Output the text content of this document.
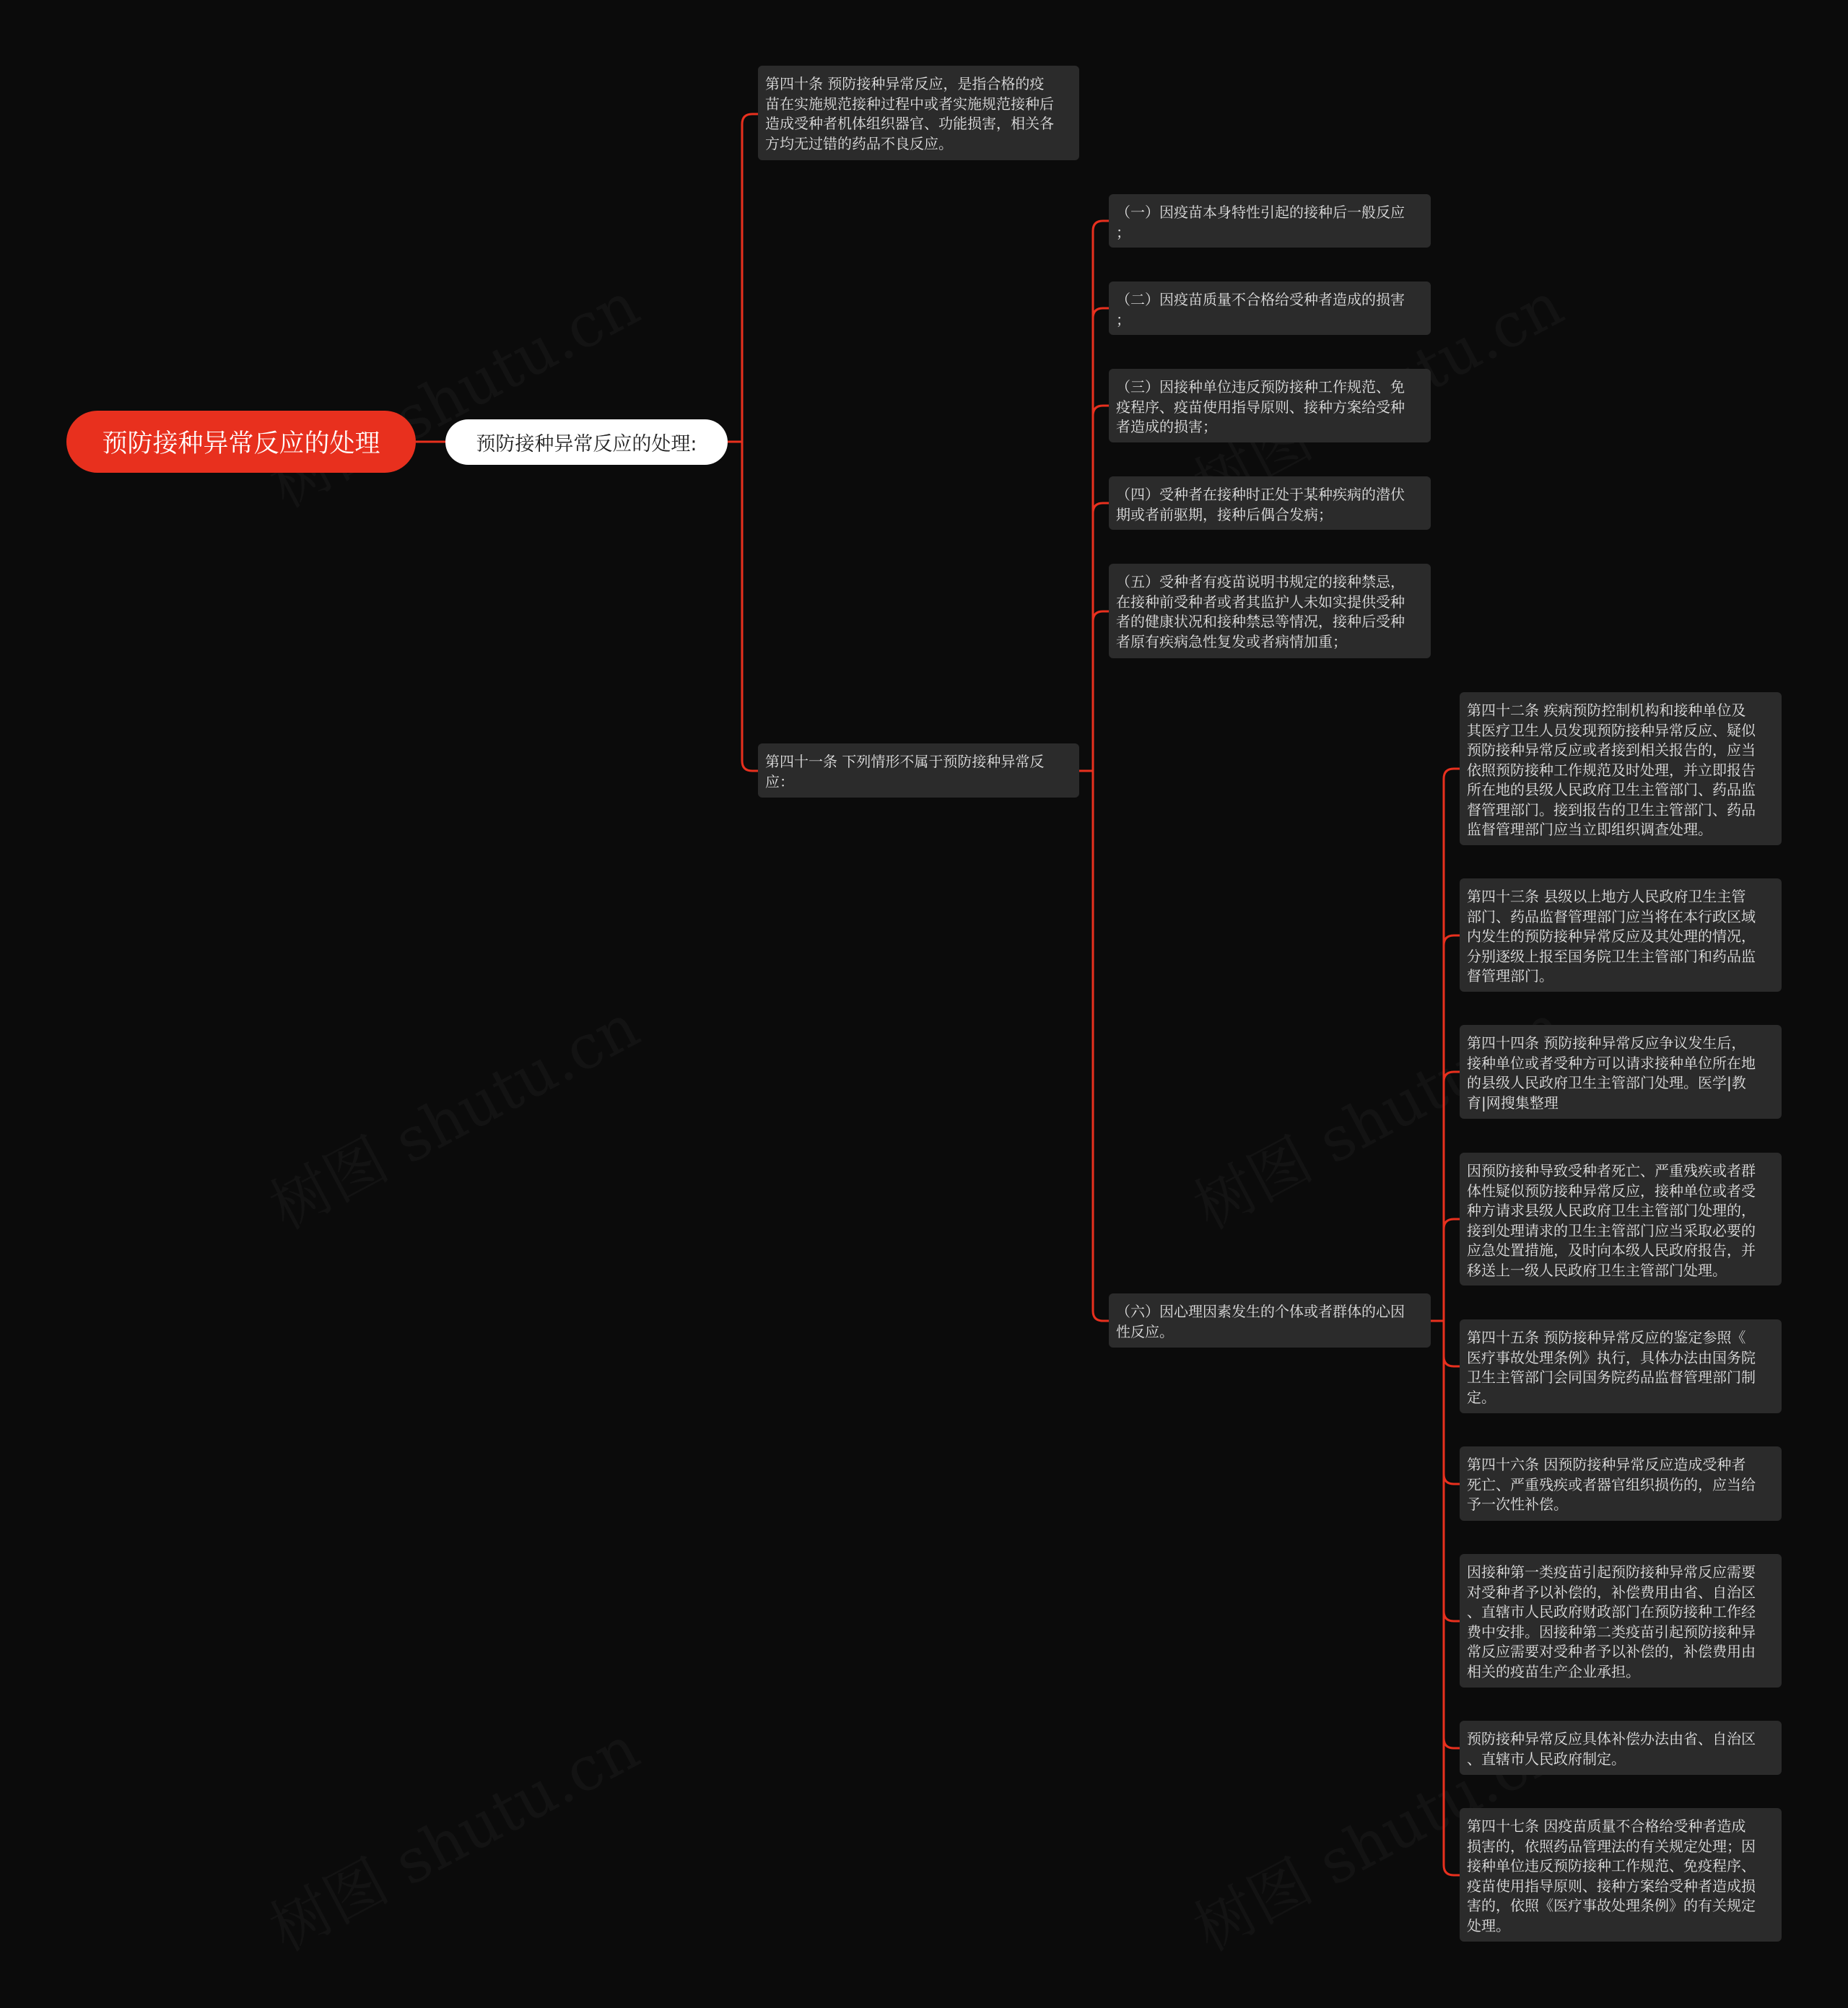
预防接种异常反应的处理	预防接种异常反应的处理:
第四十条 预防接种异常反应，是指合格的疫
苗在实施规范接种过程中或者实施规范接种后
造成受种者机体组织器官、功能损害，相关各
方均无过错的药品不良反应。
第四十一条 下列情形不属于预防接种异常反
应：
（一）因疫苗本身特性引起的接种后一般反应
；
（二）因疫苗质量不合格给受种者造成的损害
；
（三）因接种单位违反预防接种工作规范、免
疫程序、疫苗使用指导原则、接种方案给受种
者造成的损害；
（四）受种者在接种时正处于某种疾病的潜伏
期或者前驱期，接种后偶合发病；
（五）受种者有疫苗说明书规定的接种禁忌，
在接种前受种者或者其监护人未如实提供受种
者的健康状况和接种禁忌等情况，接种后受种
者原有疾病急性复发或者病情加重；
（六）因心理因素发生的个体或者群体的心因
性反应。
第四十二条 疾病预防控制机构和接种单位及
其医疗卫生人员发现预防接种异常反应、疑似
预防接种异常反应或者接到相关报告的，应当
依照预防接种工作规范及时处理，并立即报告
所在地的县级人民政府卫生主管部门、药品监
督管理部门。接到报告的卫生主管部门、药品
监督管理部门应当立即组织调查处理。
第四十三条 县级以上地方人民政府卫生主管
部门、药品监督管理部门应当将在本行政区域
内发生的预防接种异常反应及其处理的情况，
分别逐级上报至国务院卫生主管部门和药品监
督管理部门。
第四十四条 预防接种异常反应争议发生后，
接种单位或者受种方可以请求接种单位所在地
的县级人民政府卫生主管部门处理。医学|教
育|网搜集整理
因预防接种导致受种者死亡、严重残疾或者群
体性疑似预防接种异常反应，接种单位或者受
种方请求县级人民政府卫生主管部门处理的，
接到处理请求的卫生主管部门应当采取必要的
应急处置措施，及时向本级人民政府报告，并
移送上一级人民政府卫生主管部门处理。
第四十五条 预防接种异常反应的鉴定参照《
医疗事故处理条例》执行，具体办法由国务院
卫生主管部门会同国务院药品监督管理部门制
定。
第四十六条 因预防接种异常反应造成受种者
死亡、严重残疾或者器官组织损伤的，应当给
予一次性补偿。
因接种第一类疫苗引起预防接种异常反应需要
对受种者予以补偿的，补偿费用由省、自治区
、直辖市人民政府财政部门在预防接种工作经
费中安排。因接种第二类疫苗引起预防接种异
常反应需要对受种者予以补偿的，补偿费用由
相关的疫苗生产企业承担。
预防接种异常反应具体补偿办法由省、自治区
、直辖市人民政府制定。
第四十七条 因疫苗质量不合格给受种者造成
损害的，依照药品管理法的有关规定处理；因
接种单位违反预防接种工作规范、免疫程序、
疫苗使用指导原则、接种方案给受种者造成损
害的，依照《医疗事故处理条例》的有关规定
处理。
